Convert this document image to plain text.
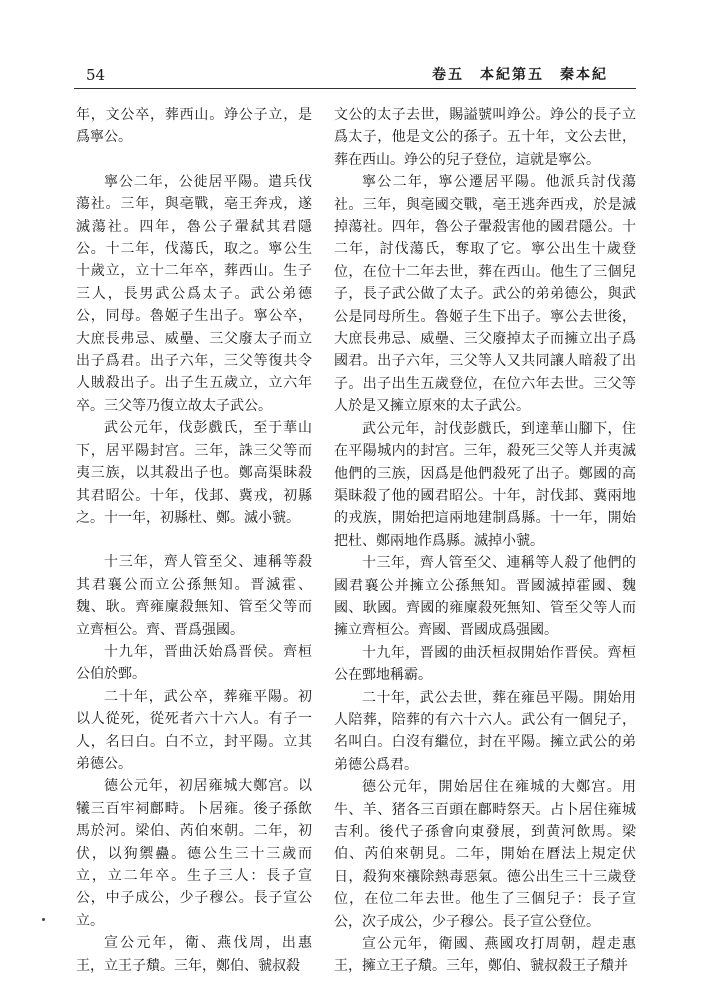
54	卷五　本紀第五　秦本紀

年，文公卒，葬西山。竫公子立，是爲寧公。

寧公二年，公徙居平陽。遣兵伐蕩社。三年，與亳戰，亳王奔戎，遂滅蕩社。四年，魯公子翬弑其君隱公。十二年，伐蕩氏，取之。寧公生十歲立，立十二年卒，葬西山。生子三人，長男武公爲太子。武公弟德公，同母。魯姬子生出子。寧公卒，大庶長弗忌、威壘、三父廢太子而立出子爲君。出子六年，三父等復共令人賊殺出子。出子生五歲立，立六年卒。三父等乃復立故太子武公。

武公元年，伐彭戲氏，至于華山下，居平陽封宫。三年，誅三父等而夷三族，以其殺出子也。鄭高渠眛殺其君昭公。十年，伐邽、冀戎，初縣之。十一年，初縣杜、鄭。滅小虢。

十三年，齊人管至父、連稱等殺其君襄公而立公孫無知。晋滅霍、魏、耿。齊雍廩殺無知、管至父等而立齊桓公。齊、晋爲强國。

十九年，晋曲沃始爲晋侯。齊桓公伯於鄄。

二十年，武公卒，葬雍平陽。初以人從死，從死者六十六人。有子一人，名曰白。白不立，封平陽。立其弟德公。

德公元年，初居雍城大鄭宫。以犧三百牢祠鄜畤。卜居雍。後子孫飲馬於河。梁伯、芮伯來朝。二年，初伏，以狗禦蠱。德公生三十三歲而立，立二年卒。生子三人：長子宣公，中子成公，少子穆公。長子宣公立。

宣公元年，衛、燕伐周，出惠王，立王子穨。三年，鄭伯、虢叔殺

文公的太子去世，賜謚號叫竫公。竫公的長子立爲太子，他是文公的孫子。五十年，文公去世，葬在西山。竫公的兒子登位，這就是寧公。

寧公二年，寧公遷居平陽。他派兵討伐蕩社。三年，與亳國交戰，亳王逃奔西戎，於是滅掉蕩社。四年，魯公子翬殺害他的國君隱公。十二年，討伐蕩氏，奪取了它。寧公出生十歲登位，在位十二年去世，葬在西山。他生了三個兒子，長子武公做了太子。武公的弟弟德公，與武公是同母所生。魯姬子生下出子。寧公去世後，大庶長弗忌、威壘、三父廢掉太子而擁立出子爲國君。出子六年，三父等人又共同讓人暗殺了出子。出子出生五歲登位，在位六年去世。三父等人於是又擁立原來的太子武公。

武公元年，討伐彭戲氏，到達華山腳下，住在平陽城内的封宫。三年，殺死三父等人并夷滅他們的三族，因爲是他們殺死了出子。鄭國的高渠眛殺了他的國君昭公。十年，討伐邽、冀兩地的戎族，開始把這兩地建制爲縣。十一年，開始把杜、鄭兩地作爲縣。滅掉小虢。

十三年，齊人管至父、連稱等人殺了他們的國君襄公并擁立公孫無知。晋國滅掉霍國、魏國、耿國。齊國的雍廩殺死無知、管至父等人而擁立齊桓公。齊國、晋國成爲强國。

十九年，晋國的曲沃桓叔開始作晋侯。齊桓公在鄄地稱霸。

二十年，武公去世，葬在雍邑平陽。開始用人陪葬，陪葬的有六十六人。武公有一個兒子，名叫白。白沒有繼位，封在平陽。擁立武公的弟弟德公爲君。

德公元年，開始居住在雍城的大鄭宫。用牛、羊、猪各三百頭在鄜畤祭天。占卜居住雍城吉利。後代子孫會向東發展，到黄河飲馬。梁伯、芮伯來朝見。二年，開始在曆法上規定伏日，殺狗來禳除熱毒惡氣。德公出生三十三歲登位，在位二年去世。他生了三個兒子：長子宣公，次子成公，少子穆公。長子宣公登位。

宣公元年，衛國、燕國攻打周朝，趕走惠王，擁立王子穨。三年，鄭伯、虢叔殺王子穨并
